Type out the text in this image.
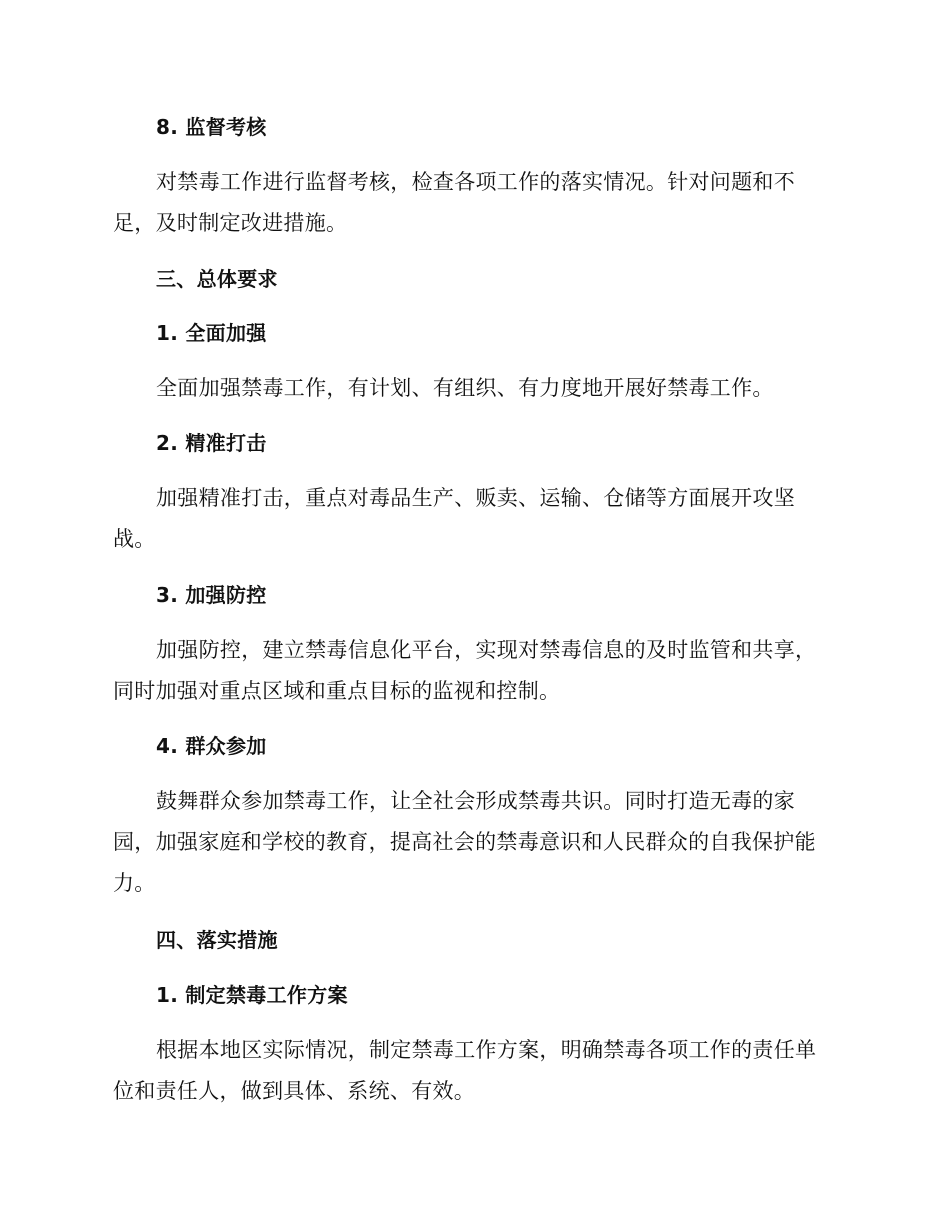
8. 监督考核
对禁毒工作进行监督考核，检查各项工作的落实情况。针对问题和不足，及时制定改进措施。
三、总体要求
1. 全面加强
全面加强禁毒工作，有计划、有组织、有力度地开展好禁毒工作。
2. 精准打击
加强精准打击，重点对毒品生产、贩卖、运输、仓储等方面展开攻坚战。
3. 加强防控
加强防控，建立禁毒信息化平台，实现对禁毒信息的及时监管和共享，同时加强对重点区域和重点目标的监视和控制。
4. 群众参加
鼓舞群众参加禁毒工作，让全社会形成禁毒共识。同时打造无毒的家园，加强家庭和学校的教育，提高社会的禁毒意识和人民群众的自我保护能力。
四、落实措施
1. 制定禁毒工作方案
根据本地区实际情况，制定禁毒工作方案，明确禁毒各项工作的责任单位和责任人，做到具体、系统、有效。
